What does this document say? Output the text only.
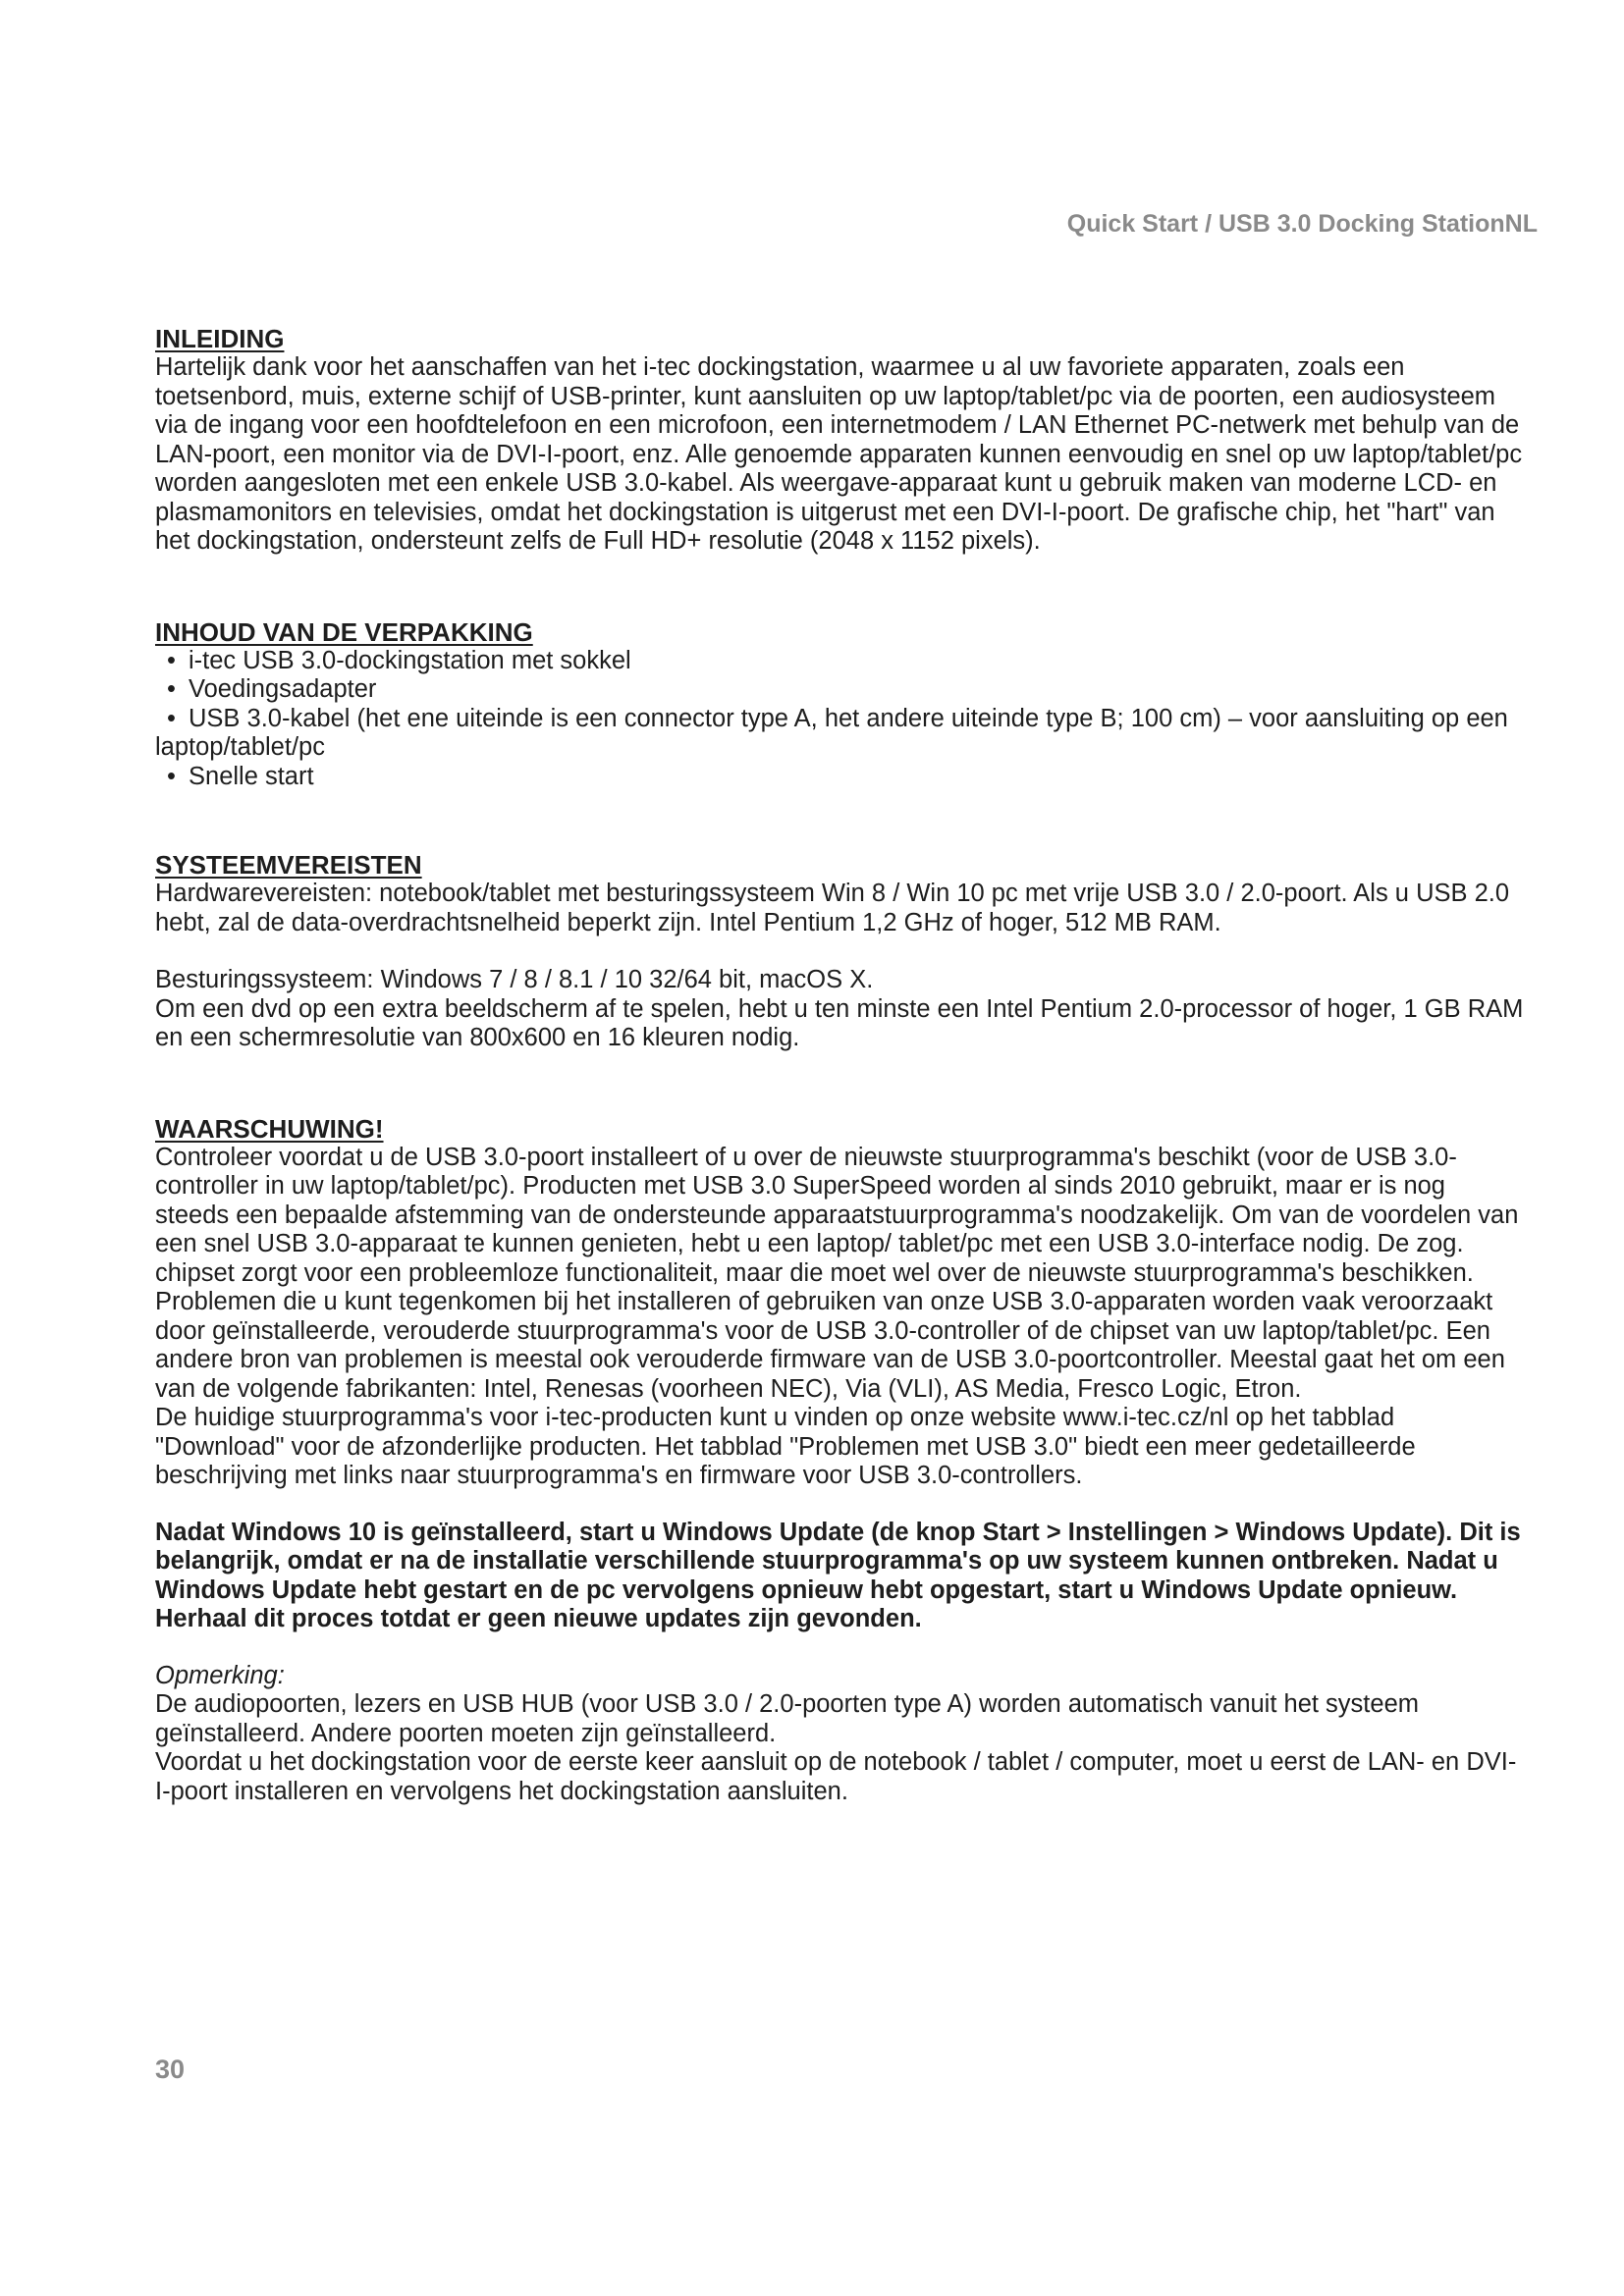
Quick Start / USB 3.0 Docking StationNL
INLEIDING

Hartelijk dank voor het aanschaffen van het i-tec dockingstation, waarmee u al uw favoriete apparaten, zoals een toetsenbord, muis, externe schijf of USB-printer, kunt aansluiten op uw laptop/tablet/pc via de poorten, een audiosysteem via de ingang voor een hoofdtelefoon en een microfoon, een internetmodem / LAN Ethernet PC-netwerk met behulp van de LAN-poort, een monitor via de DVI-I-poort, enz. Alle genoemde apparaten kunnen eenvoudig en snel op uw laptop/tablet/pc worden aangesloten met een enkele USB 3.0-kabel. Als weergave-apparaat kunt u gebruik maken van moderne LCD- en plasmamonitors en televisies, omdat het dockingstation is uitgerust met een DVI-I-poort. De grafische chip, het "hart" van het dockingstation, ondersteunt zelfs de Full HD+ resolutie (2048 x 1152 pixels).

INHOUD VAN DE VERPAKKING
• i-tec USB 3.0-dockingstation met sokkel
• Voedingsadapter
• USB 3.0-kabel (het ene uiteinde is een connector type A, het andere uiteinde type B; 100 cm) – voor aansluiting op een laptop/tablet/pc
• Snelle start
SYSTEEMVEREISTEN

Hardwarevereisten: notebook/tablet met besturingssysteem Win 8 / Win 10 pc met vrije USB 3.0 / 2.0-poort. Als u USB 2.0 hebt, zal de data-overdrachtsnelheid beperkt zijn. Intel Pentium 1,2 GHz of hoger, 512 MB RAM.

Besturingssysteem: Windows 7 / 8 / 8.1 / 10 32/64 bit, macOS X.

Om een dvd op een extra beeldscherm af te spelen, hebt u ten minste een Intel Pentium 2.0-processor of hoger, 1 GB RAM en een schermresolutie van 800x600 en 16 kleuren nodig.

WAARSCHUWING!

Controleer voordat u de USB 3.0-poort installeert of u over de nieuwste stuurprogramma's beschikt (voor de USB 3.0-controller in uw laptop/tablet/pc). Producten met USB 3.0 SuperSpeed worden al sinds 2010 gebruikt, maar er is nog steeds een bepaalde afstemming van de ondersteunde apparaatstuurprogramma's noodzakelijk. Om van de voordelen van een snel USB 3.0-apparaat te kunnen genieten, hebt u een laptop/ tablet/pc met een USB 3.0-interface nodig. De zog. chipset zorgt voor een probleemloze functionaliteit, maar die moet wel over de nieuwste stuurprogramma's beschikken.

Problemen die u kunt tegenkomen bij het installeren of gebruiken van onze USB 3.0-apparaten worden vaak veroorzaakt door geïnstalleerde, verouderde stuurprogramma's voor de USB 3.0-controller of de chipset van uw laptop/tablet/pc. Een andere bron van problemen is meestal ook verouderde firmware van de USB 3.0-poortcontroller. Meestal gaat het om een van de volgende fabrikanten: Intel, Renesas (voorheen NEC), Via (VLI), AS Media, Fresco Logic, Etron.

De huidige stuurprogramma's voor i-tec-producten kunt u vinden op onze website www.i-tec.cz/nl op het tabblad "Download" voor de afzonderlijke producten. Het tabblad "Problemen met USB 3.0" biedt een meer gedetailleerde beschrijving met links naar stuurprogramma's en firmware voor USB 3.0-controllers.

Nadat Windows 10 is geïnstalleerd, start u Windows Update (de knop Start > Instellingen > Windows Update). Dit is belangrijk, omdat er na de installatie verschillende stuurprogramma's op uw systeem kunnen ontbreken. Nadat u Windows Update hebt gestart en de pc vervolgens opnieuw hebt opgestart, start u Windows Update opnieuw. Herhaal dit proces totdat er geen nieuwe updates zijn gevonden.

Opmerking:

De audiopoorten, lezers en USB HUB (voor USB 3.0 / 2.0-poorten type A) worden automatisch vanuit het systeem geïnstalleerd. Andere poorten moeten zijn geïnstalleerd.

Voordat u het dockingstation voor de eerste keer aansluit op de notebook / tablet / computer, moet u eerst de LAN- en DVI-I-poort installeren en vervolgens het dockingstation aansluiten.

30
